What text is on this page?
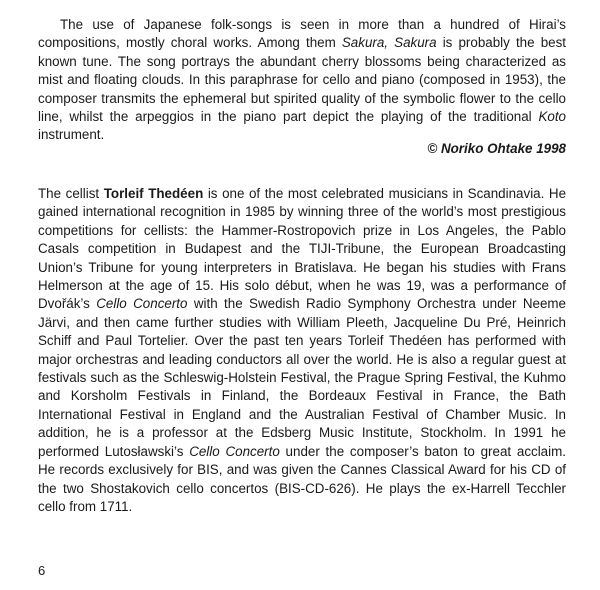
The use of Japanese folk-songs is seen in more than a hundred of Hirai’s compositions, mostly choral works. Among them Sakura, Sakura is probably the best known tune. The song portrays the abundant cherry blossoms being characterized as mist and floating clouds. In this paraphrase for cello and piano (composed in 1953), the composer transmits the ephemeral but spirited quality of the symbolic flower to the cello line, whilst the arpeggios in the piano part depict the playing of the traditional Koto instrument.

© Noriko Ohtake 1998

The cellist Torleif Thedéen is one of the most celebrated musicians in Scandinavia. He gained international recognition in 1985 by winning three of the world’s most prestigious competitions for cellists: the Hammer-Rostropovich prize in Los Angeles, the Pablo Casals competition in Budapest and the TIJI-Tribune, the European Broadcasting Union’s Tribune for young interpreters in Bratislava. He began his studies with Frans Helmerson at the age of 15. His solo début, when he was 19, was a performance of Dvořák’s Cello Concerto with the Swedish Radio Symphony Orchestra under Neeme Järvi, and then came further studies with William Pleeth, Jacqueline Du Pré, Heinrich Schiff and Paul Tortelier. Over the past ten years Torleif Thedéen has performed with major orchestras and leading conductors all over the world. He is also a regular guest at festivals such as the Schleswig-Holstein Festival, the Prague Spring Festival, the Kuhmo and Korsholm Festivals in Finland, the Bordeaux Festival in France, the Bath International Festival in England and the Australian Festival of Chamber Music. In addition, he is a professor at the Edsberg Music Institute, Stockholm. In 1991 he performed Lutosławski’s Cello Concerto under the composer’s baton to great acclaim. He records exclusively for BIS, and was given the Cannes Classical Award for his CD of the two Shostakovich cello concertos (BIS-CD-626). He plays the ex-Harrell Tecchler cello from 1711.

6
